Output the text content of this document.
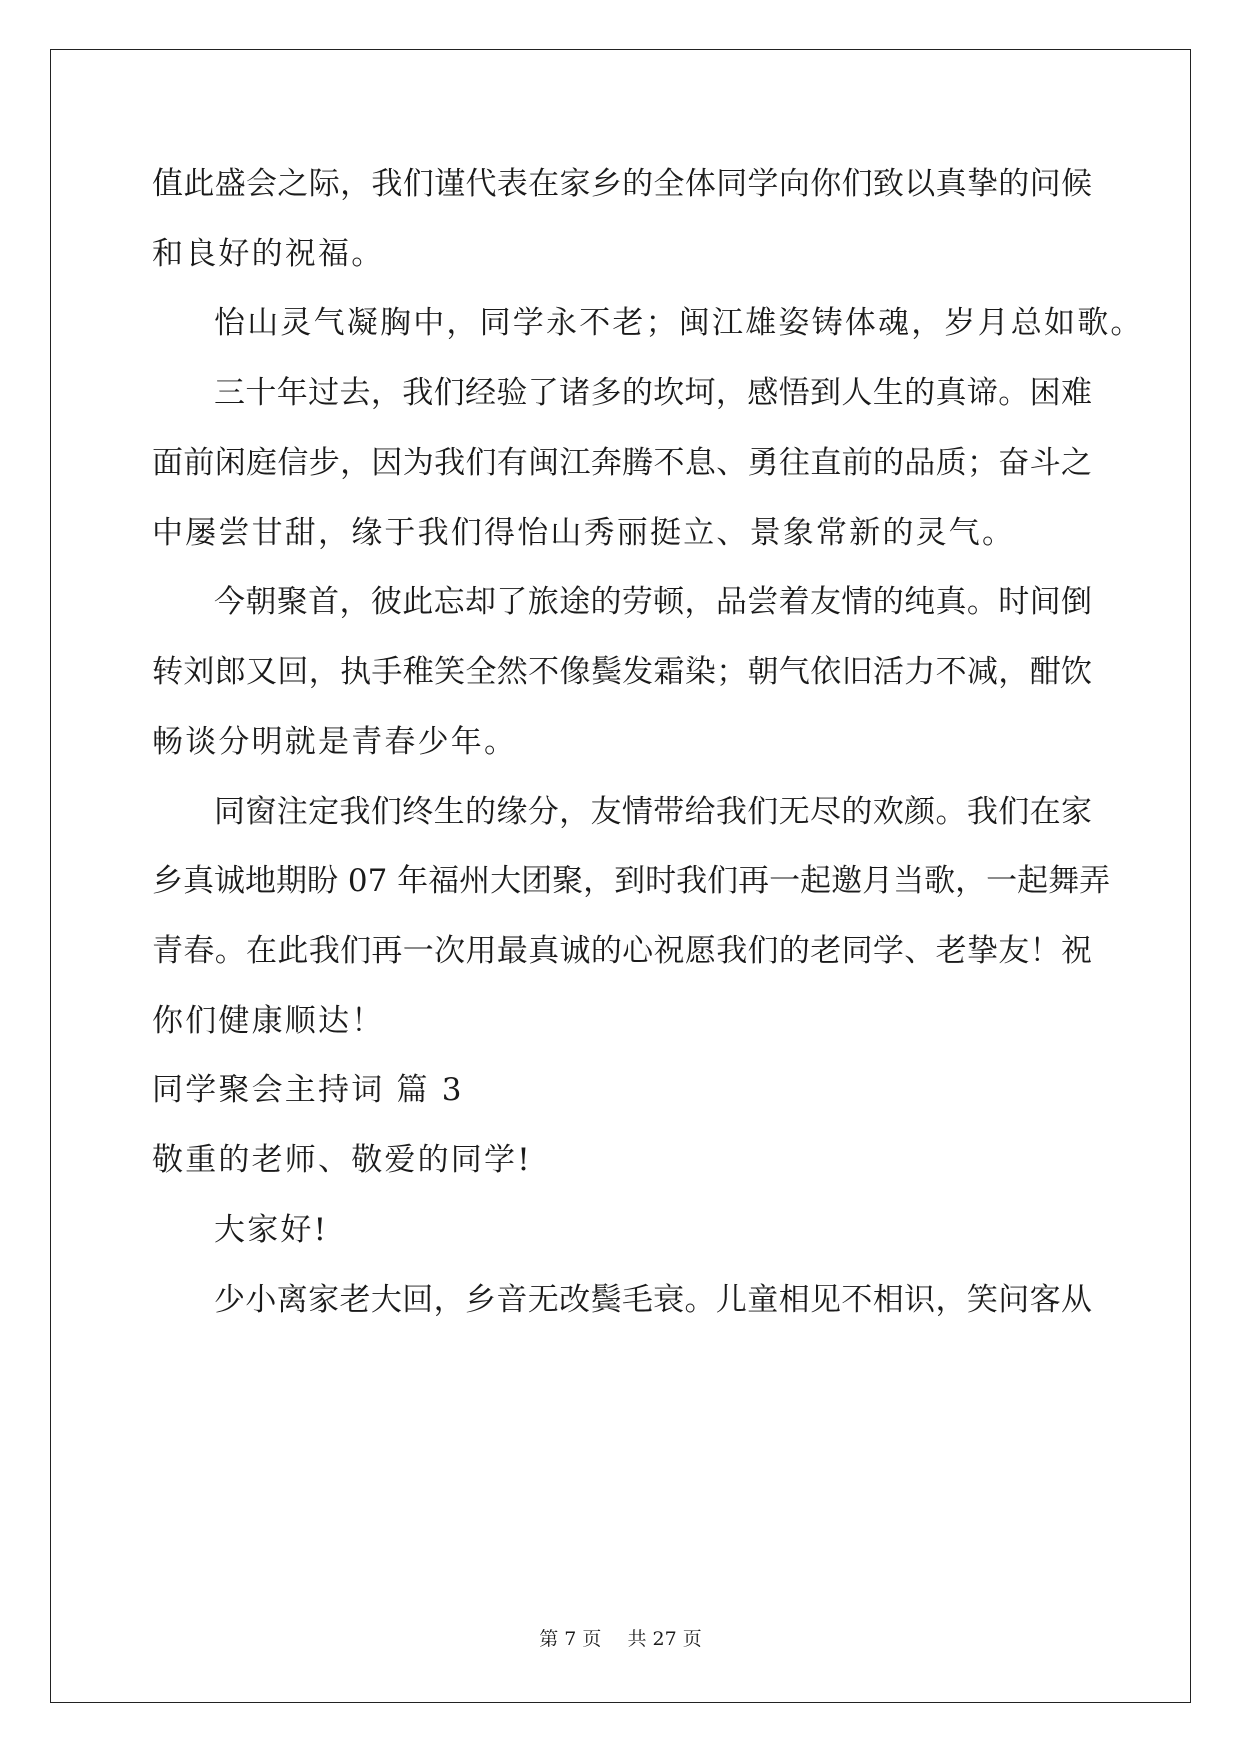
值此盛会之际，我们谨代表在家乡的全体同学向你们致以真挚的问候
和良好的祝福。
怡山灵气凝胸中，同学永不老；闽江雄姿铸体魂，岁月总如歌。
三十年过去，我们经验了诸多的坎坷，感悟到人生的真谛。困难
面前闲庭信步，因为我们有闽江奔腾不息、勇往直前的品质；奋斗之
中屡尝甘甜，缘于我们得怡山秀丽挺立、景象常新的灵气。
今朝聚首，彼此忘却了旅途的劳顿，品尝着友情的纯真。时间倒
转刘郎又回，执手稚笑全然不像鬓发霜染；朝气依旧活力不减，酣饮
畅谈分明就是青春少年。
同窗注定我们终生的缘分，友情带给我们无尽的欢颜。我们在家
乡真诚地期盼 07 年福州大团聚，到时我们再一起邀月当歌，一起舞弄
青春。在此我们再一次用最真诚的心祝愿我们的老同学、老挚友！祝
你们健康顺达！
同学聚会主持词 篇 3
敬重的老师、敬爱的同学!
大家好!
少小离家老大回，乡音无改鬓毛衰。儿童相见不相识，笑问客从
第 7 页 共 27 页
